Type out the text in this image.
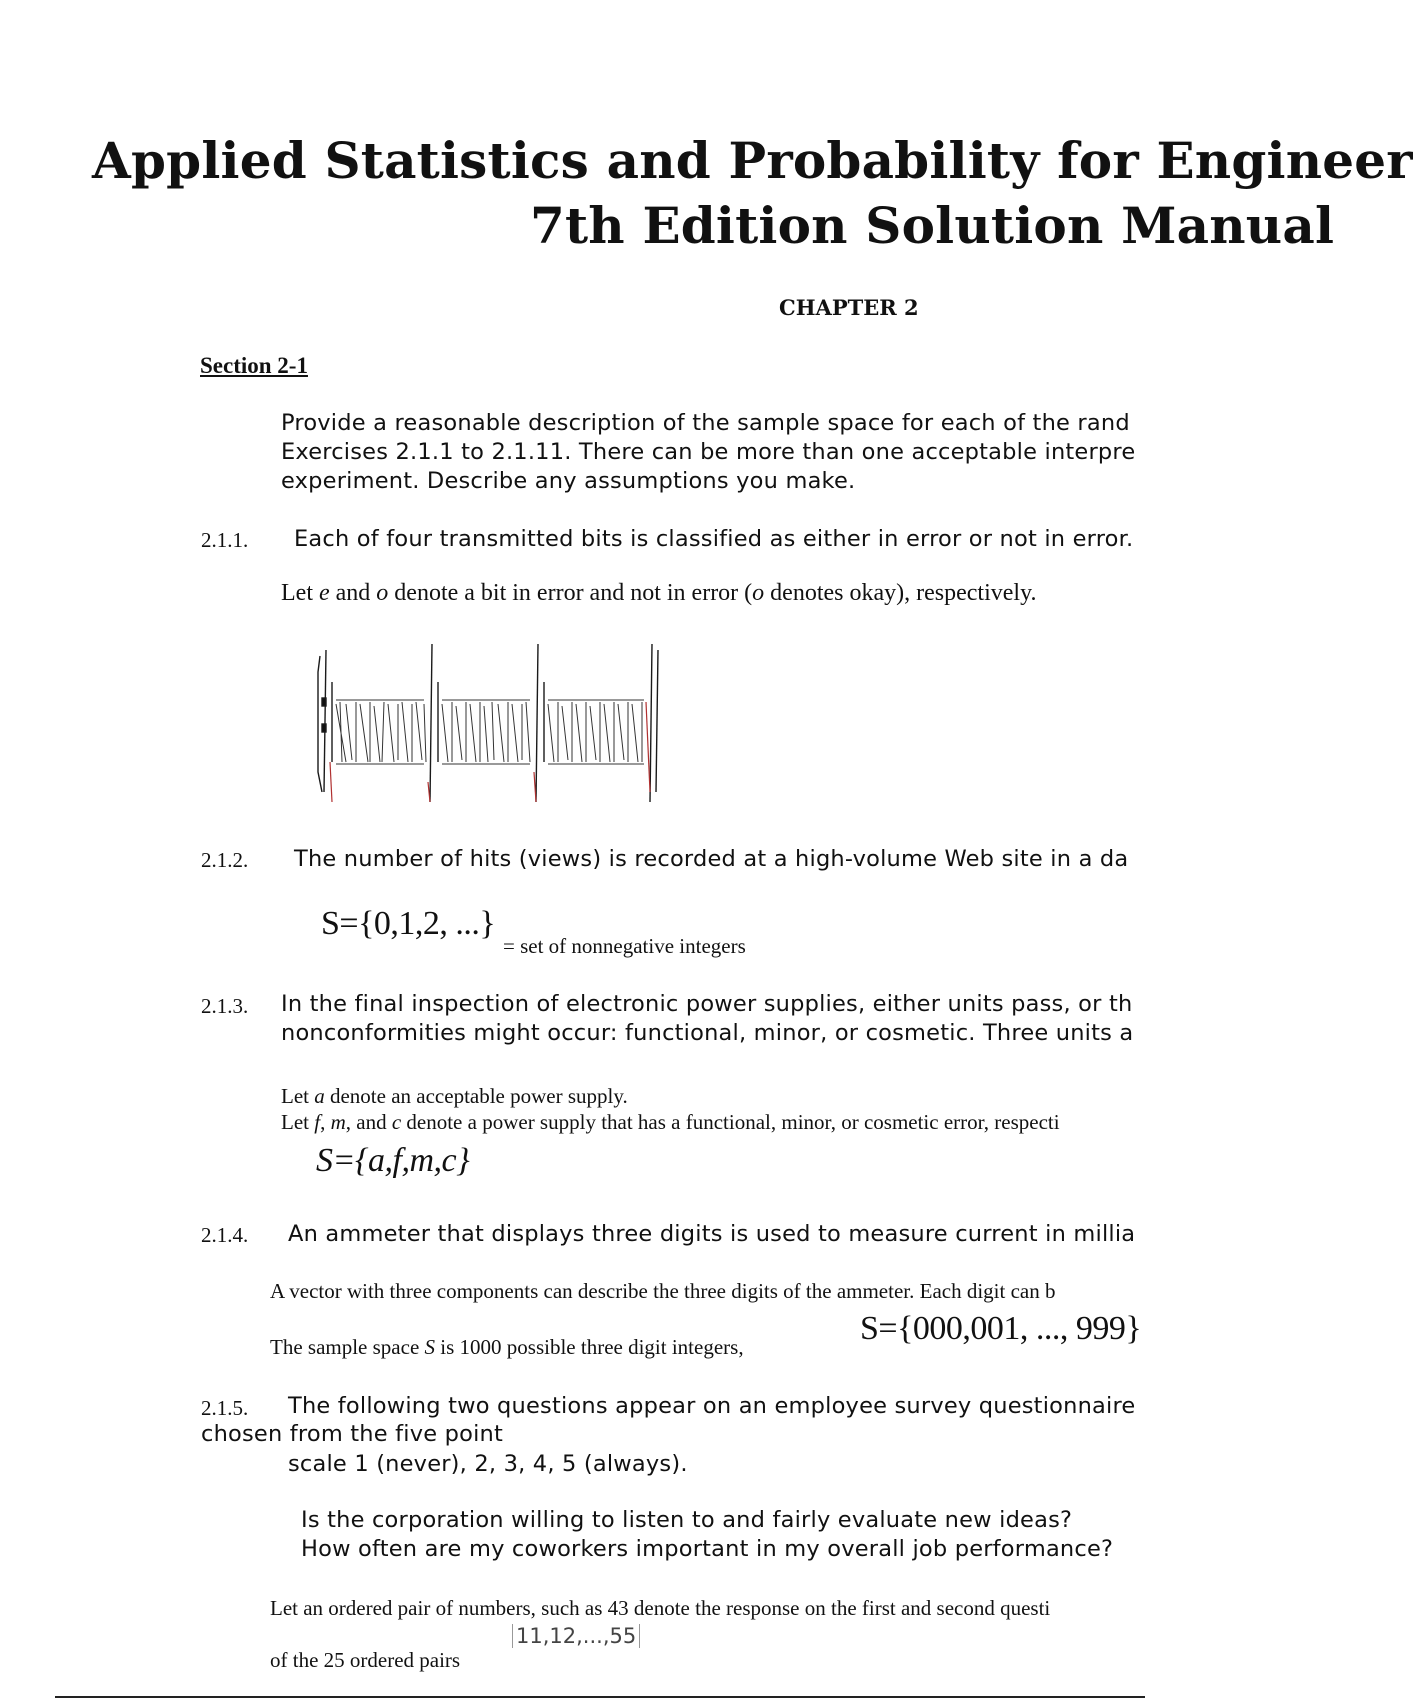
Applied Statistics and Probability for Engineer
7th Edition Solution Manual
CHAPTER 2
Section 2-1
Provide a reasonable description of the sample space for each of the rand
Exercises 2.1.1 to 2.1.11. There can be more than one acceptable interpre
experiment. Describe any assumptions you make.
2.1.1. Each of four transmitted bits is classified as either in error or not in error.
Let e and o denote a bit in error and not in error (o denotes okay), respectively.
2.1.2. The number of hits (views) is recorded at a high-volume Web site in a da
S={0,1,2, ...}
= set of nonnegative integers
2.1.3. In the final inspection of electronic power supplies, either units pass, or th
nonconformities might occur: functional, minor, or cosmetic. Three units a
Let a denote an acceptable power supply.
Let f, m, and c denote a power supply that has a functional, minor, or cosmetic error, respecti
S={a,f,m,c}
2.1.4. An ammeter that displays three digits is used to measure current in millia
A vector with three components can describe the three digits of the ammeter. Each digit can b
The sample space S is 1000 possible three digit integers,	S={000,001, ..., 999}
2.1.5. The following two questions appear on an employee survey questionnaire
chosen from the five point
scale 1 (never), 2, 3, 4, 5 (always).
Is the corporation willing to listen to and fairly evaluate new ideas?
How often are my coworkers important in my overall job performance?
Let an ordered pair of numbers, such as 43 denote the response on the first and second questi
of the 25 ordered pairs
11,12,...,55
